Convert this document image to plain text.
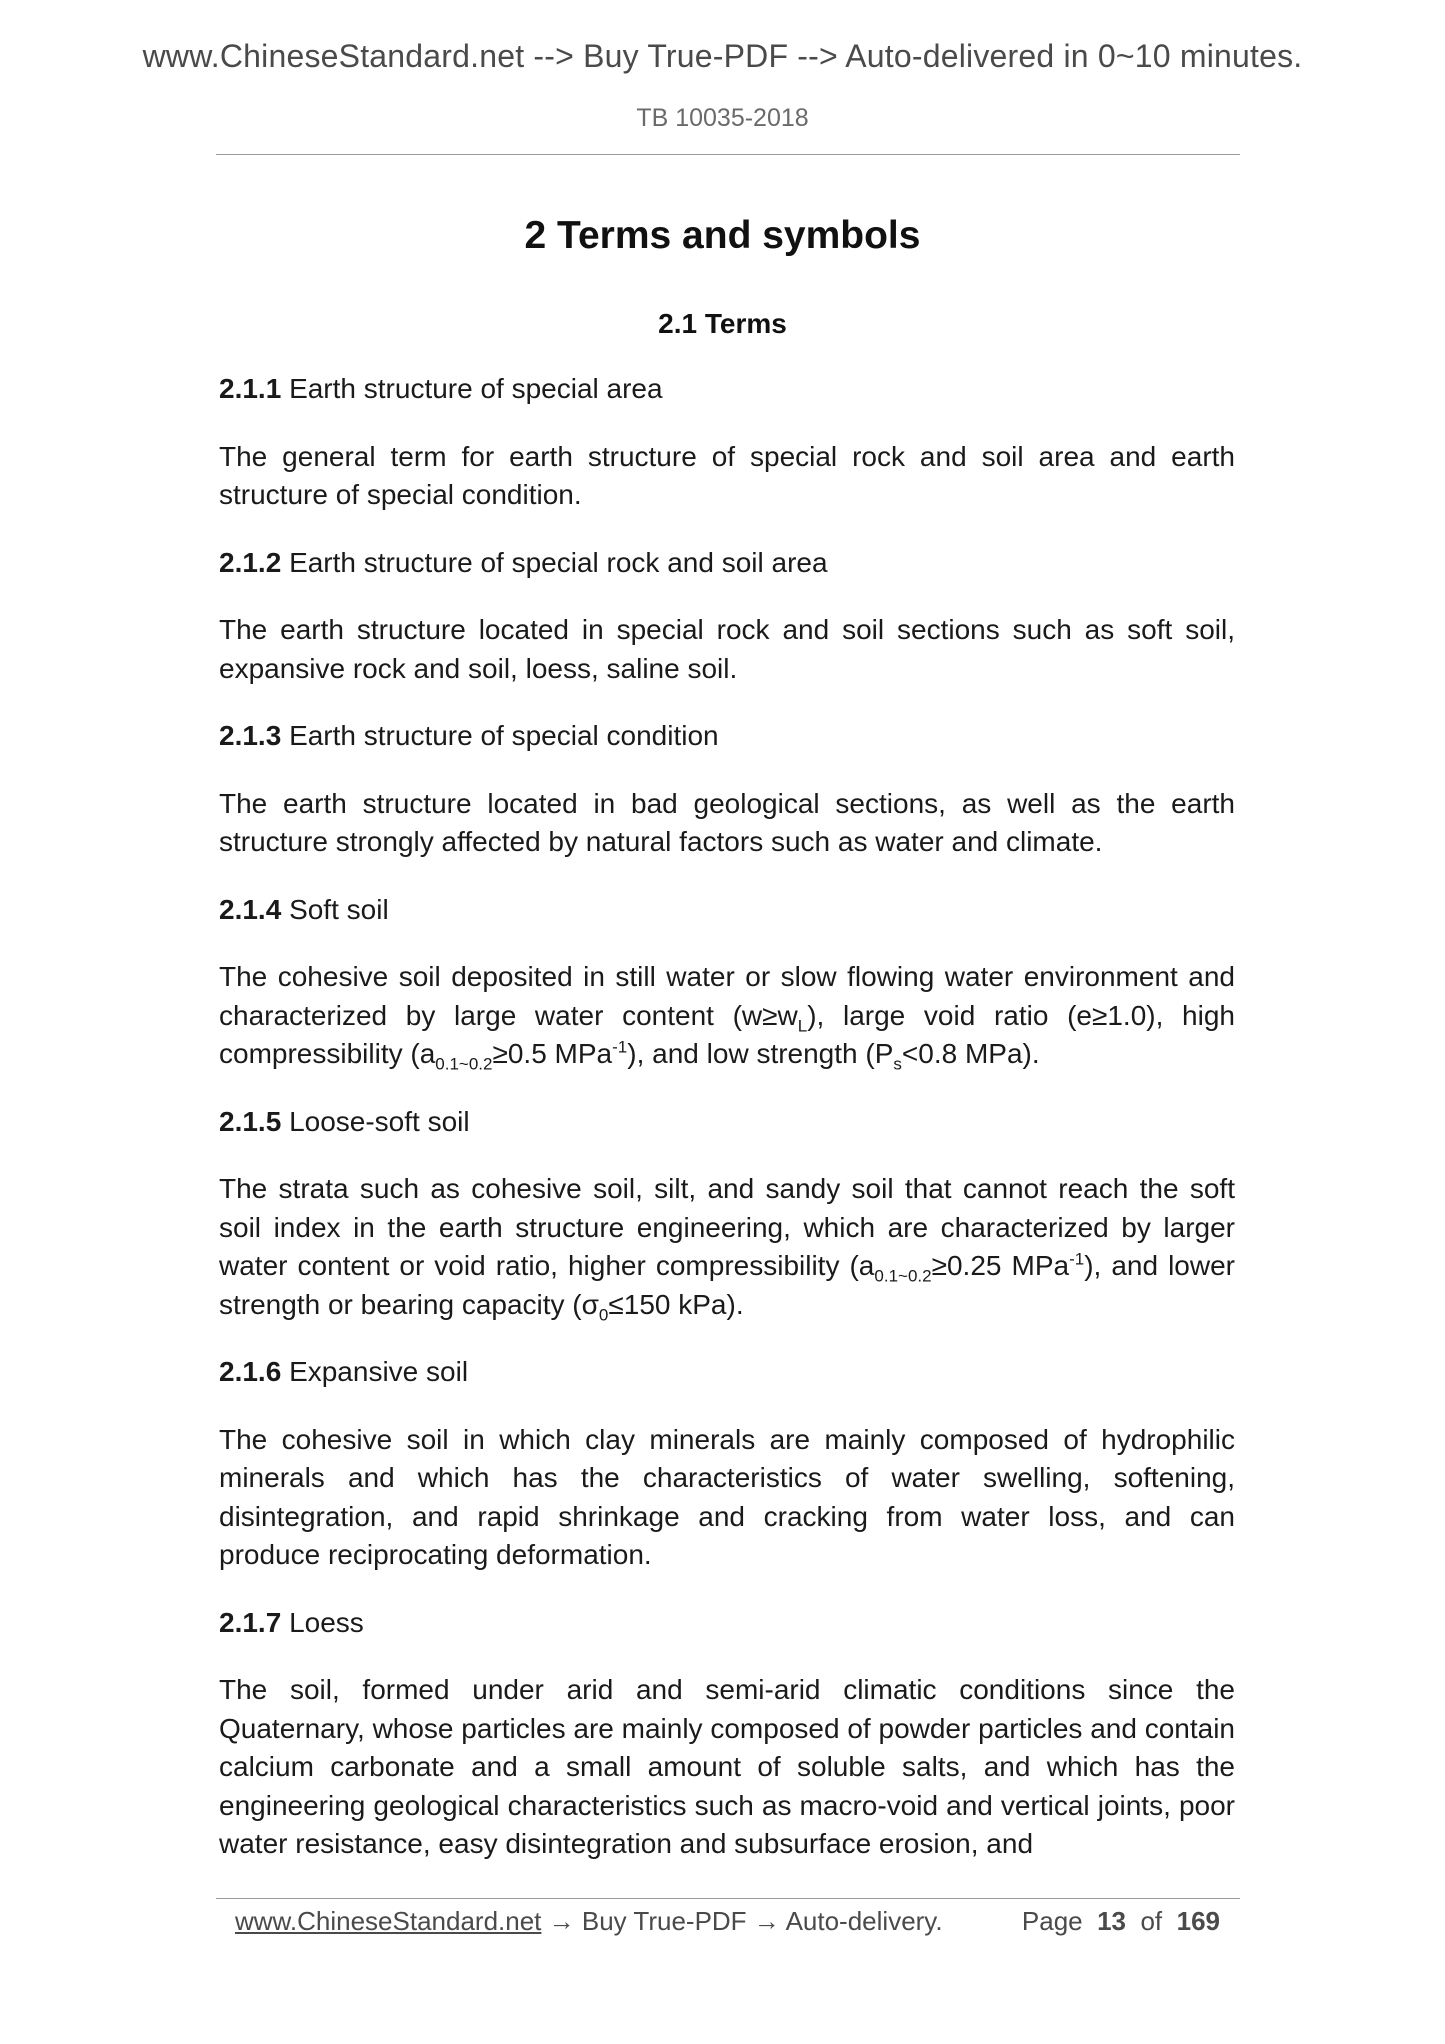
www.ChineseStandard.net --> Buy True-PDF --> Auto-delivered in 0~10 minutes.
TB 10035-2018
2 Terms and symbols
2.1 Terms

2.1.1 Earth structure of special area

The general term for earth structure of special rock and soil area and earth structure of special condition.

2.1.2 Earth structure of special rock and soil area

The earth structure located in special rock and soil sections such as soft soil, expansive rock and soil, loess, saline soil.

2.1.3 Earth structure of special condition

The earth structure located in bad geological sections, as well as the earth structure strongly affected by natural factors such as water and climate.

2.1.4 Soft soil

The cohesive soil deposited in still water or slow flowing water environment and characterized by large water content $(w\ge w_L)$, large void ratio (e≥1.0), high compressibility ($a_{0.1\sim 0.2}\ge 0.5$ MPa$^{-1}$), and low strength ($P_s<0.8$ MPa).

2.1.5 Loose-soft soil

The strata such as cohesive soil, silt, and sandy soil that cannot reach the soft soil index in the earth structure engineering, which are characterized by larger water content or void ratio, higher compressibility ($a_{0.1\sim 0.2}\ge 0.25$ MPa$^{-1}$), and lower strength or bearing capacity ($\sigma_0\le 150$ kPa).

2.1.6 Expansive soil

The cohesive soil in which clay minerals are mainly composed of hydrophilic minerals and which has the characteristics of water swelling, softening, disintegration, and rapid shrinkage and cracking from water loss, and can produce reciprocating deformation.

2.1.7 Loess

The soil, formed under arid and semi-arid climatic conditions since the Quaternary, whose particles are mainly composed of powder particles and contain calcium carbonate and a small amount of soluble salts, and which has the engineering geological characteristics such as macro-void and vertical joints, poor water resistance, easy disintegration and subsurface erosion, and

www.ChineseStandard.net → Buy True-PDF → Auto-delivery.	Page 13 of 169
